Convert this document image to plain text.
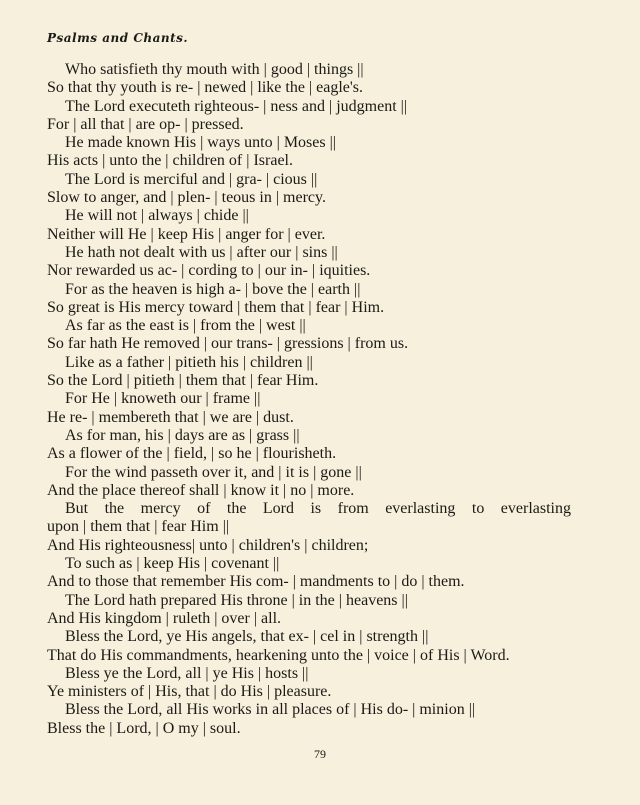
Psalms and Chants.
Who satisfieth thy mouth with | good | things ||
So that thy youth is re- | newed | like the | eagle's.
The Lord executeth righteous- | ness and | judgment ||
For | all that | are op- | pressed.
He made known His | ways unto | Moses ||
His acts | unto the | children of | Israel.
The Lord is merciful and | gra- | cious ||
Slow to anger, and | plen- | teous in | mercy.
He will not | always | chide ||
Neither will He | keep His | anger for | ever.
He hath not dealt with us | after our | sins ||
Nor rewarded us ac- | cording to | our in- | iquities.
For as the heaven is high a- | bove the | earth ||
So great is His mercy toward | them that | fear | Him.
As far as the east is | from the | west ||
So far hath He removed | our trans- | gressions | from us.
Like as a father | pitieth his | children ||
So the Lord | pitieth | them that | fear Him.
For He | knoweth our | frame ||
He re- | membereth that | we are | dust.
As for man, his | days are as | grass ||
As a flower of the | field, | so he | flourisheth.
For the wind passeth over it, and | it is | gone ||
And the place thereof shall | know it | no | more.
But the mercy of the Lord is from everlasting to everlasting
upon | them that | fear Him ||
And His righteousness| unto | children's | children;
To such as | keep His | covenant ||
And to those that remember His com- | mandments to | do | them.
The Lord hath prepared His throne | in the | heavens ||
And His kingdom | ruleth | over | all.
Bless the Lord, ye His angels, that ex- | cel in | strength ||
That do His commandments, hearkening unto the | voice | of His | Word.
Bless ye the Lord, all | ye His | hosts ||
Ye ministers of | His, that | do His | pleasure.
Bless the Lord, all His works in all places of | His do- | minion ||
Bless the | Lord, | O my | soul.
79
